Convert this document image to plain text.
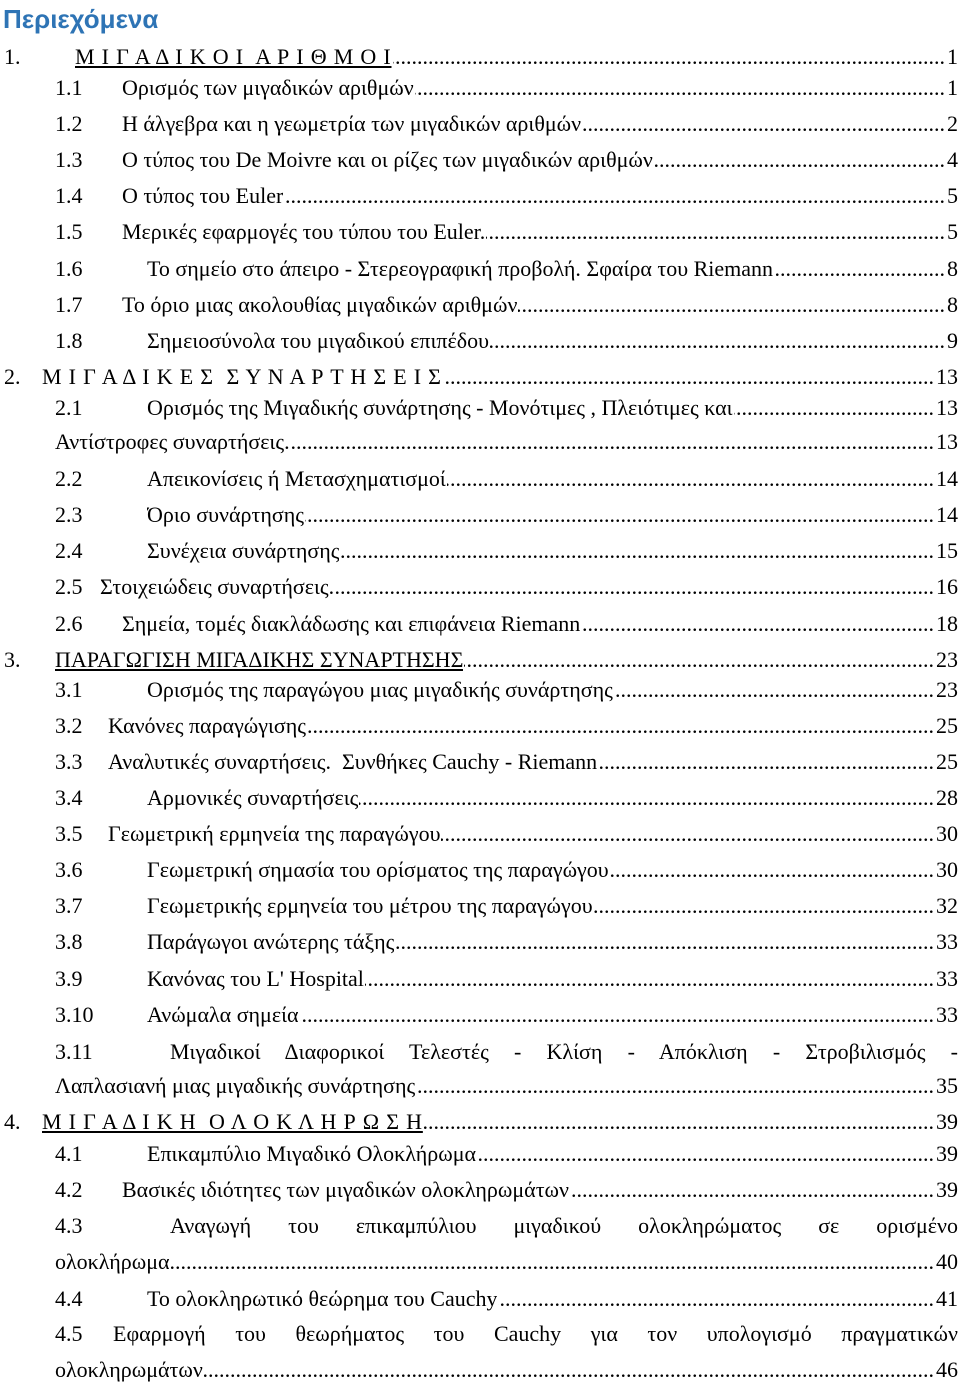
Περιεχόμενα
1.	Μ Ι Γ Α Δ Ι Κ Ο Ι  Α Ρ Ι Θ Μ Ο Ι .....	1
1.1	Ορισμός των μιγαδικών αριθμών .....	1
1.2	Η άλγεβρα και η γεωμετρία των μιγαδικών αριθμών .....	2
1.3	Ο τύπος του De Moivre και οι ρίζες των μιγαδικών αριθμών .....	4
1.4	Ο τύπος του Euler .....	5
1.5	Μερικές εφαρμογές του τύπου του Euler. .....	5
1.6	Το σημείο στο άπειρο - Στερεογραφική προβολή. Σφαίρα του Riemann .....	8
1.7	Το όριο μιας ακολουθίας μιγαδικών αριθμών .....	8
1.8	Σημειοσύνολα του μιγαδικού επιπέδου .....	9
2. Μ Ι Γ Α Δ Ι Κ Ε Σ  Σ Υ Ν Α Ρ Τ Η Σ Ε Ι Σ .....	13
2.1	Ορισμός της Μιγαδικής συνάρτησης - Μονότιμες , Πλειότιμες και .....	13
Αντίστροφες συναρτήσεις. .....	13
2.2	Απεικονίσεις ή Μετασχηματισμοί .....	14
2.3	Όριο συνάρτησης .....	14
2.4	Συνέχεια συνάρτησης .....	15
2.5 Στοιχειώδεις συναρτήσεις. .....	16
2.6	Σημεία, τομές διακλάδωσης και επιφάνεια Riemann .....	18
3.	ΠΑΡΑΓΩΓΙΣΗ ΜΙΓΑΔΙΚΗΣ ΣΥΝΑΡΤΗΣΗΣ .....	23
3.1	Ορισμός της παραγώγου μιας μιγαδικής συνάρτησης .....	23
3.2	Κανόνες παραγώγισης .....	25
3.3	Αναλυτικές συναρτήσεις.  Συνθήκες Cauchy - Riemann .....	25
3.4	Αρμονικές συναρτήσεις .....	28
3.5	Γεωμετρική ερμηνεία της παραγώγου .....	30
3.6	Γεωμετρική σημασία του ορίσματος της παραγώγου .....	30
3.7	Γεωμετρικής ερμηνεία του μέτρου της παραγώγου .....	32
3.8	Παράγωγοι ανώτερης τάξης .....	33
3.9	Κανόνας του L' Hospital .....	33
3.10	Ανώμαλα σημεία .....	33
3.11	Μιγαδικοί Διαφορικοί Τελεστές - Κλίση - Απόκλιση - Στροβιλισμός -
Λαπλασιανή μιας μιγαδικής συνάρτησης .....	35
4. Μ Ι Γ Α Δ Ι Κ Η  Ο Λ Ο Κ Λ Η Ρ Ω Σ Η .....	39
4.1	Επικαμπύλιο Μιγαδικό Ολοκλήρωμα .....	39
4.2	Βασικές ιδιότητες των μιγαδικών ολοκληρωμάτων .....	39
4.3	Αναγωγή του επικαμπύλιου μιγαδικού ολοκληρώματος σε ορισμένο
ολοκλήρωμα .....	40
4.4	Το ολοκληρωτικό θεώρημα του Cauchy .....	41
4.5	Εφαρμογή του θεωρήματος του Cauchy για τον υπολογισμό πραγματικών
ολοκληρωμάτων .....	46
